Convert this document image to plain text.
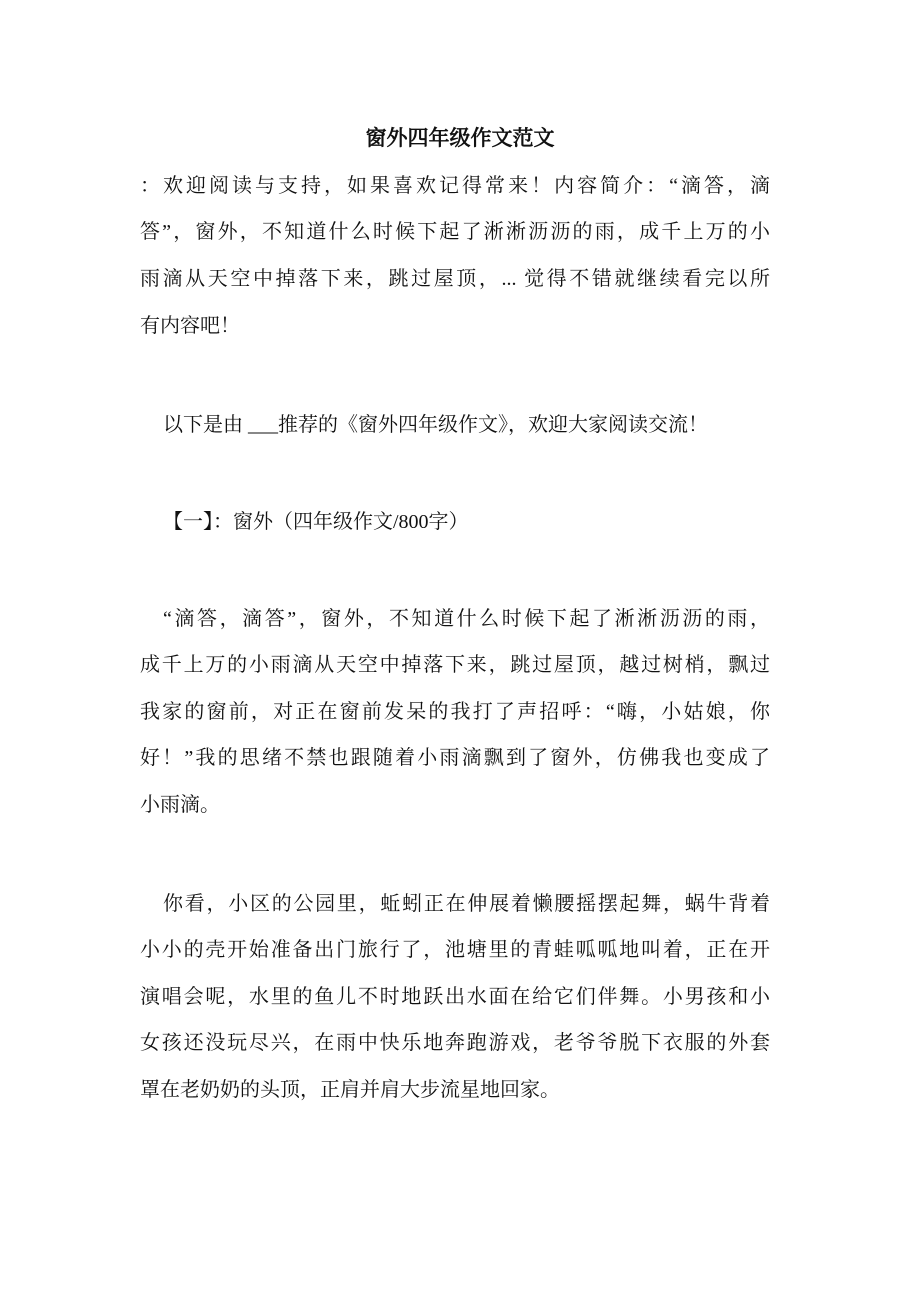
窗外四年级作文范文
：欢迎阅读与支持，如果喜欢记得常来！内容简介：“滴答，滴
答”，窗外，不知道什么时候下起了淅淅沥沥的雨，成千上万的小
雨滴从天空中掉落下来，跳过屋顶，... 觉得不错就继续看完以所
有内容吧！
以下是由 ___推荐的《窗外四年级作文》，欢迎大家阅读交流！
【一】：窗外（四年级作文/800字）
“滴答，滴答”，窗外，不知道什么时候下起了淅淅沥沥的雨，
成千上万的小雨滴从天空中掉落下来，跳过屋顶，越过树梢，飘过
我家的窗前，对正在窗前发呆的我打了声招呼：“嗨，小姑娘，你
好！”我的思绪不禁也跟随着小雨滴飘到了窗外，仿佛我也变成了
小雨滴。
你看，小区的公园里，蚯蚓正在伸展着懒腰摇摆起舞，蜗牛背着
小小的壳开始准备出门旅行了，池塘里的青蛙呱呱地叫着，正在开
演唱会呢，水里的鱼儿不时地跃出水面在给它们伴舞。小男孩和小
女孩还没玩尽兴，在雨中快乐地奔跑游戏，老爷爷脱下衣服的外套
罩在老奶奶的头顶，正肩并肩大步流星地回家。
